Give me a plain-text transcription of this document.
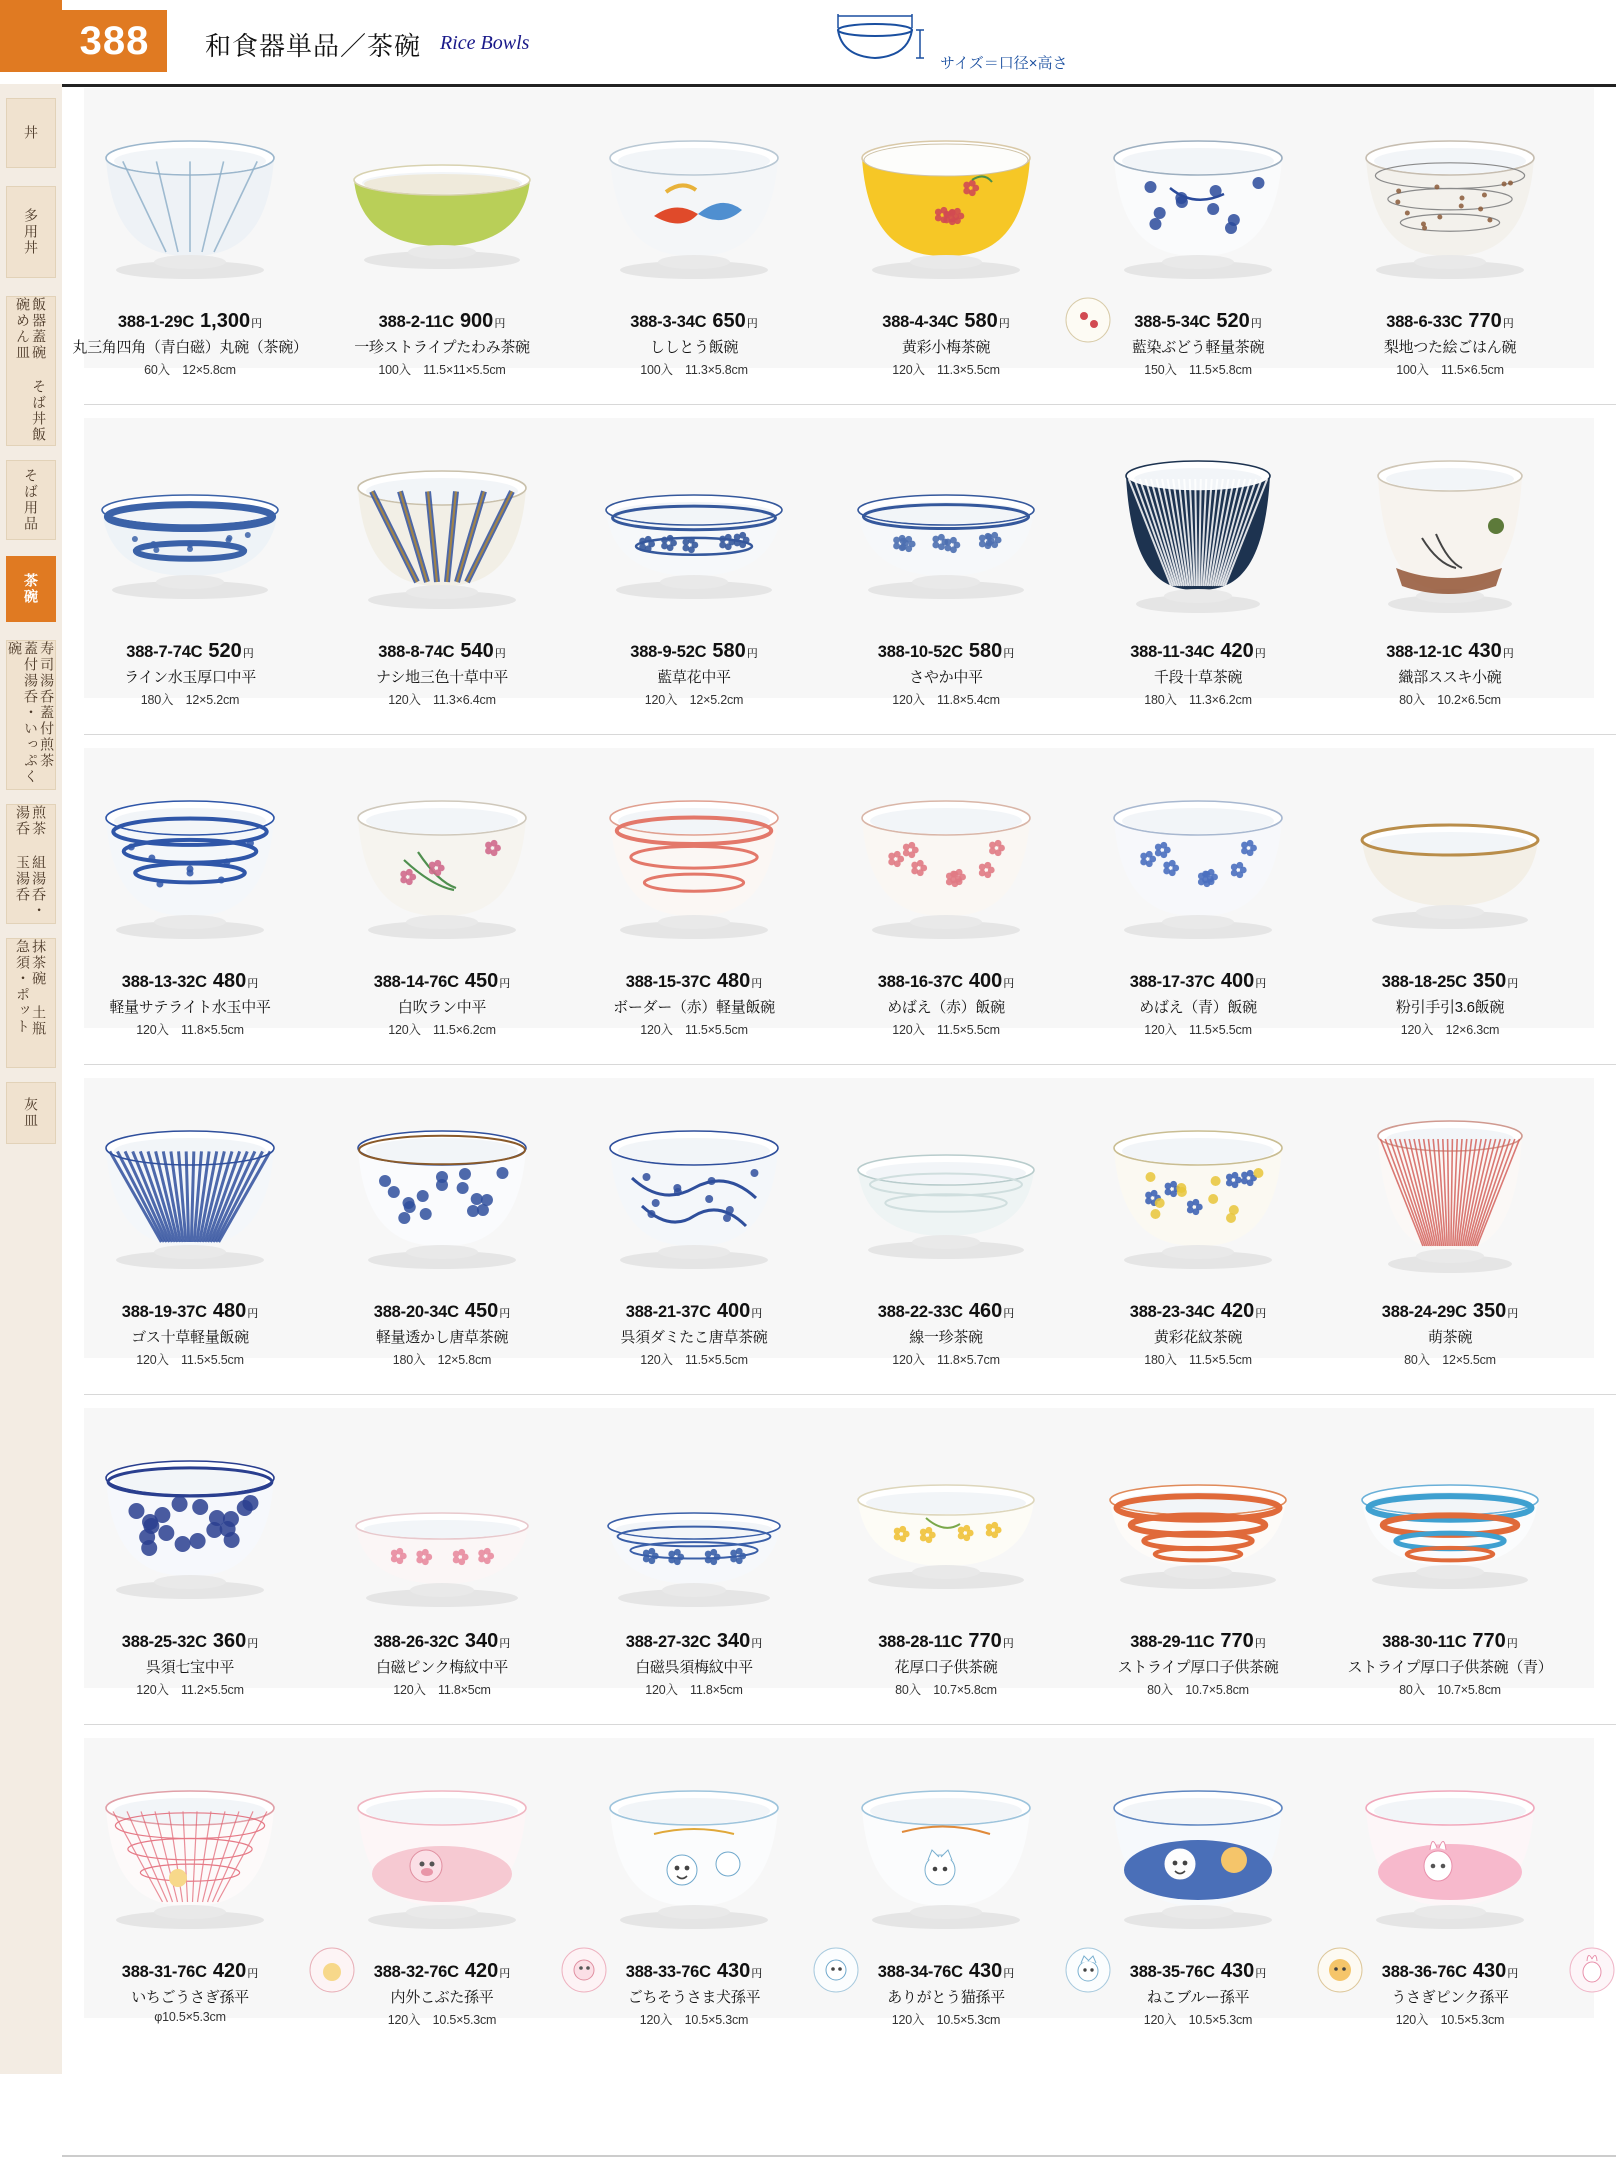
388	和食器単品／茶碗 Rice Bowls
サイズ＝口径×高さ
丼
多用丼
飯器蓋碗 そば丼飯碗めん皿
そば用品
茶碗
寿司湯呑蓋付煎茶 蓋付湯呑・いっぷく碗
煎茶 組湯呑･湯呑 玉湯呑
抹茶碗 土瓶 急須･ポット
灰皿
388-1-29C 1,300円
丸三角四角（青白磁）丸碗（茶碗）
60入　12×5.8cm
388-2-11C 900円
一珍ストライプたわみ茶碗
100入　11.5×11×5.5cm
388-3-34C 650円
ししとう飯碗
100入　11.3×5.8cm
388-4-34C 580円
黄彩小梅茶碗
120入　11.3×5.5cm
388-5-34C 520円
藍染ぶどう軽量茶碗
150入　11.5×5.8cm
388-6-33C 770円
梨地つた絵ごはん碗
100入　11.5×6.5cm
388-7-74C 520円
ライン水玉厚口中平
180入　12×5.2cm
388-8-74C 540円
ナシ地三色十草中平
120入　11.3×6.4cm
388-9-52C 580円
藍草花中平
120入　12×5.2cm
388-10-52C 580円
さやか中平
120入　11.8×5.4cm
388-11-34C 420円
千段十草茶碗
180入　11.3×6.2cm
388-12-1C 430円
織部ススキ小碗
80入　10.2×6.5cm
388-13-32C 480円
軽量サテライト水玉中平
120入　11.8×5.5cm
388-14-76C 450円
白吹ラン中平
120入　11.5×6.2cm
388-15-37C 480円
ボーダー（赤）軽量飯碗
120入　11.5×5.5cm
388-16-37C 400円
めばえ（赤）飯碗
120入　11.5×5.5cm
388-17-37C 400円
めばえ（青）飯碗
120入　11.5×5.5cm
388-18-25C 350円
粉引手引3.6飯碗
120入　12×6.3cm
388-19-37C 480円
ゴス十草軽量飯碗
120入　11.5×5.5cm
388-20-34C 450円
軽量透かし唐草茶碗
180入　12×5.8cm
388-21-37C 400円
呉須ダミたこ唐草茶碗
120入　11.5×5.5cm
388-22-33C 460円
線一珍茶碗
120入　11.8×5.7cm
388-23-34C 420円
黄彩花紋茶碗
180入　11.5×5.5cm
388-24-29C 350円
萌茶碗
80入　12×5.5cm
388-25-32C 360円
呉須七宝中平
120入　11.2×5.5cm
388-26-32C 340円
白磁ピンク梅紋中平
120入　11.8×5cm
388-27-32C 340円
白磁呉須梅紋中平
120入　11.8×5cm
388-28-11C 770円
花厚口子供茶碗
80入　10.7×5.8cm
388-29-11C 770円
ストライプ厚口子供茶碗
80入　10.7×5.8cm
388-30-11C 770円
ストライプ厚口子供茶碗（青）
80入　10.7×5.8cm
388-31-76C 420円
いちごうさぎ孫平
φ10.5×5.3cm
388-32-76C 420円
内外こぶた孫平
120入　10.5×5.3cm
388-33-76C 430円
ごちそうさま犬孫平
120入　10.5×5.3cm
388-34-76C 430円
ありがとう猫孫平
120入　10.5×5.3cm
388-35-76C 430円
ねこブルー孫平
120入　10.5×5.3cm
388-36-76C 430円
うさぎピンク孫平
120入　10.5×5.3cm
